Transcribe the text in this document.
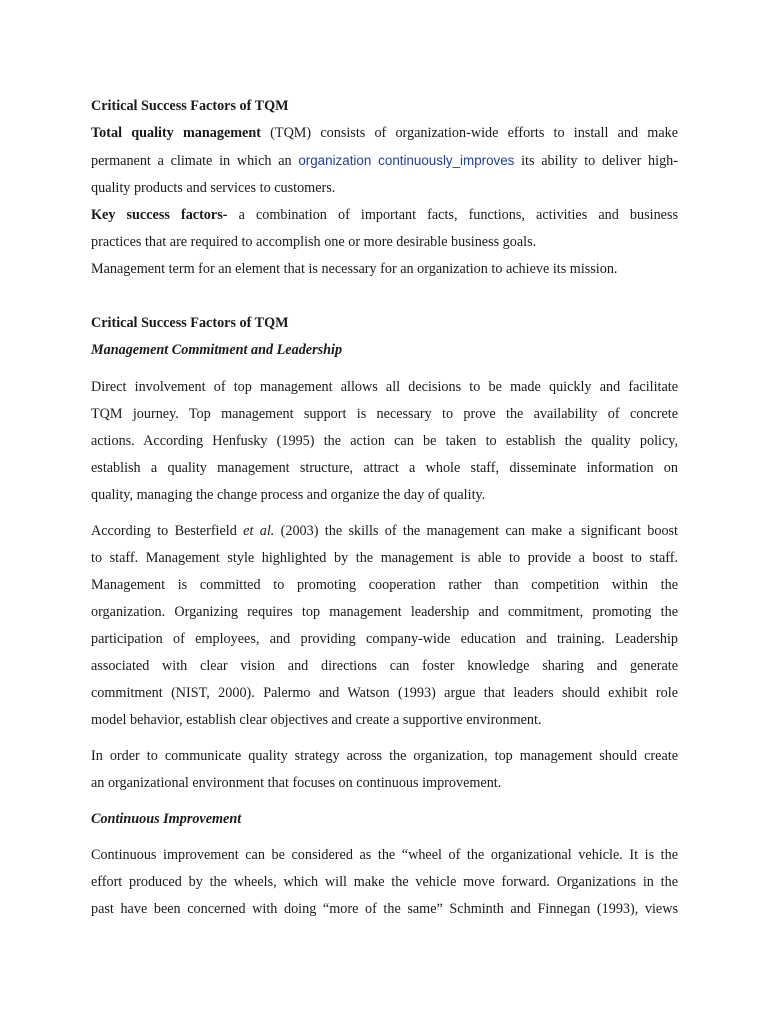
Critical Success Factors of TQM
Total quality management (TQM) consists of organization-wide efforts to install and make
permanent a climate in which an organization continuously_improves its ability to deliver high-
quality products and services to customers.
Key success factors- a combination of important facts, functions, activities and business
practices that are required to accomplish one or more desirable business goals.
Management term for an element that is necessary for an organization to achieve its mission.
Critical Success Factors of TQM
Management Commitment and Leadership
Direct involvement of top management allows all decisions to be made quickly and facilitate
TQM journey. Top management support is necessary to prove the availability of concrete
actions. According Henfusky (1995) the action can be taken to establish the quality policy,
establish a quality management structure, attract a whole staff, disseminate information on
quality, managing the change process and organize the day of quality.
According to Besterfield et al. (2003) the skills of the management can make a significant boost
to staff. Management style highlighted by the management is able to provide a boost to staff.
Management is committed to promoting cooperation rather than competition within the
organization. Organizing requires top management leadership and commitment, promoting the
participation of employees, and providing company-wide education and training. Leadership
associated with clear vision and directions can foster knowledge sharing and generate
commitment (NIST, 2000). Palermo and Watson (1993) argue that leaders should exhibit role
model behavior, establish clear objectives and create a supportive environment.
In order to communicate quality strategy across the organization, top management should create
an organizational environment that focuses on continuous improvement.
Continuous Improvement
Continuous improvement can be considered as the “wheel of the organizational vehicle. It is the
effort produced by the wheels, which will make the vehicle move forward. Organizations in the
past have been concerned with doing “more of the same” Schminth and Finnegan (1993), views
